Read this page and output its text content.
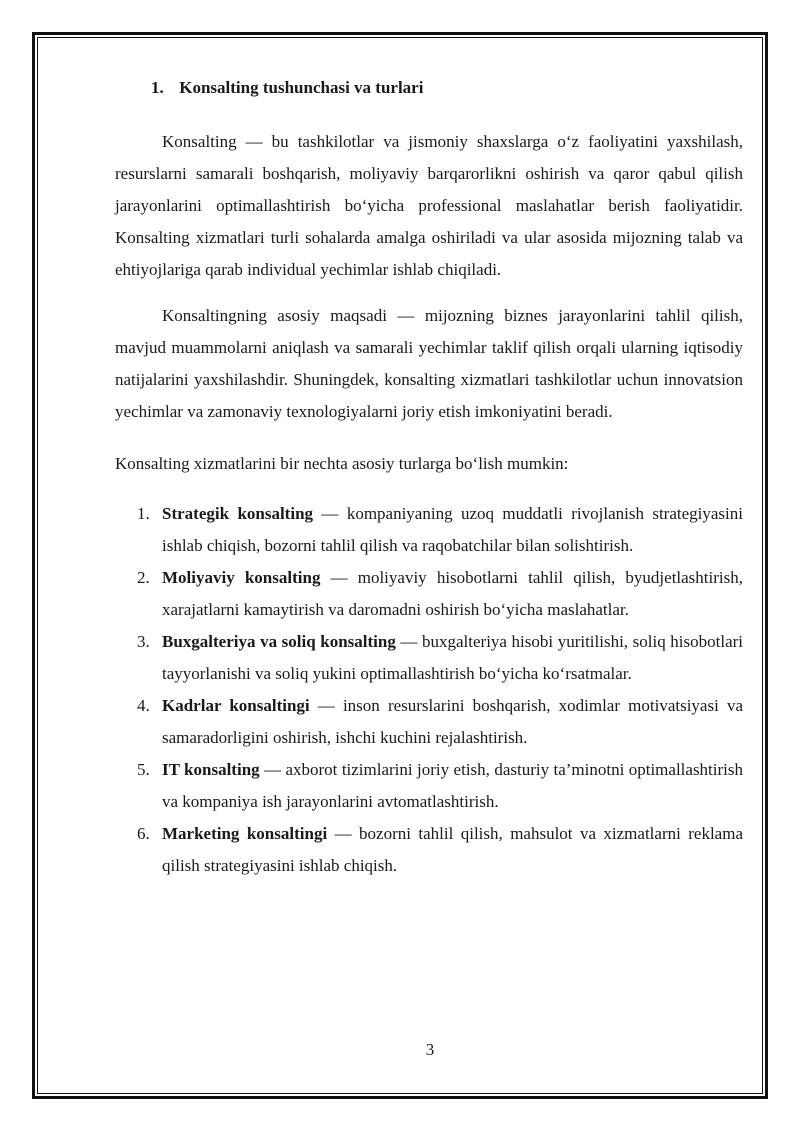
1. Konsalting tushunchasi va turlari

Konsalting — bu tashkilotlar va jismoniy shaxslarga o‘z faoliyatini yaxshilash, resurslarni samarali boshqarish, moliyaviy barqarorlikni oshirish va qaror qabul qilish jarayonlarini optimallashtirish bo‘yicha professional maslahatlar berish faoliyatidir. Konsalting xizmatlari turli sohalarda amalga oshiriladi va ular asosida mijozning talab va ehtiyojlariga qarab individual yechimlar ishlab chiqiladi.

Konsaltingning asosiy maqsadi — mijozning biznes jarayonlarini tahlil qilish, mavjud muammolarni aniqlash va samarali yechimlar taklif qilish orqali ularning iqtisodiy natijalarini yaxshilashdir. Shuningdek, konsalting xizmatlari tashkilotlar uchun innovatsion yechimlar va zamonaviy texnologiyalarni joriy etish imkoniyatini beradi.

Konsalting xizmatlarini bir nechta asosiy turlarga bo‘lish mumkin:

1. Strategik konsalting — kompaniyaning uzoq muddatli rivojlanish strategiyasini ishlab chiqish, bozorni tahlil qilish va raqobatchilar bilan solishtirish.
2. Moliyaviy konsalting — moliyaviy hisobotlarni tahlil qilish, byudjetlashtirish, xarajatlarni kamaytirish va daromadni oshirish bo‘yicha maslahatlar.
3. Buxgalteriya va soliq konsalting — buxgalteriya hisobi yuritilishi, soliq hisobotlari tayyorlanishi va soliq yukini optimallashtirish bo‘yicha ko‘rsatmalar.
4. Kadrlar konsaltingi — inson resurslarini boshqarish, xodimlar motivatsiyasi va samaradorligini oshirish, ishchi kuchini rejalashtirish.
5. IT konsalting — axborot tizimlarini joriy etish, dasturiy ta’minotni optimallashtirish va kompaniya ish jarayonlarini avtomatlashtirish.
6. Marketing konsaltingi — bozorni tahlil qilish, mahsulot va xizmatlarni reklama qilish strategiyasini ishlab chiqish.
3
